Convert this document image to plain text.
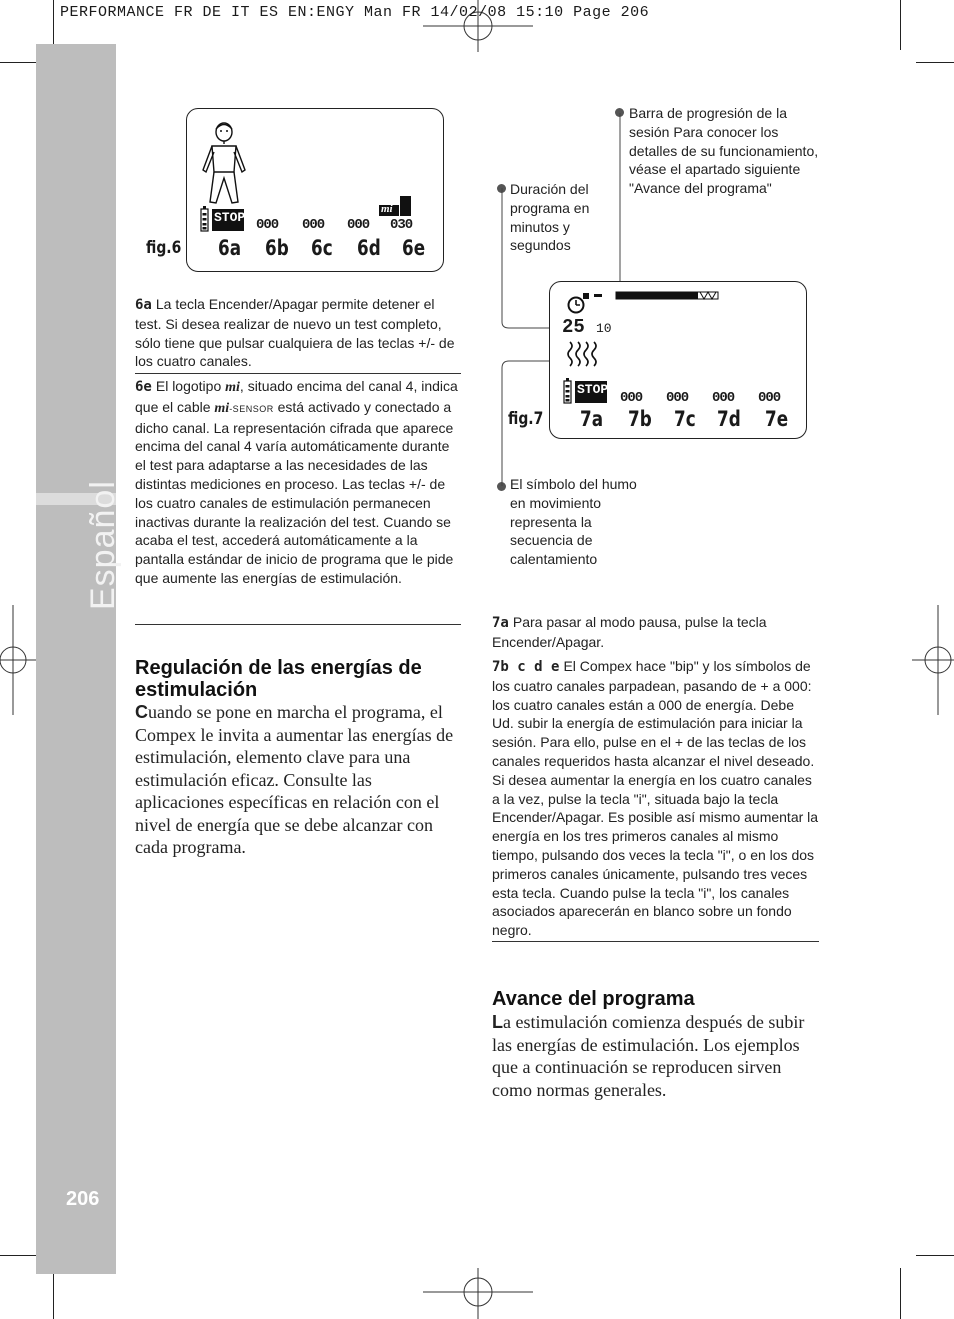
PERFORMANCE FR DE IT ES EN:ENGY Man FR 14/02/08 15:10 Page 206
Español
206
STOP 000 000 000 030
mi
fig.6 6a 6b 6c 6d 6e
6a La tecla Encender/Apagar permite detener el test. Si desea realizar de nuevo un test completo, sólo tiene que pulsar cualquiera de las teclas +/- de los cuatro canales.
6e El logotipo mi, situado encima del canal 4, indica que el cable mi-SENSOR está activado y conectado a dicho canal. La representación cifrada que aparece encima del canal 4 varía automáticamente durante el test para adaptarse a las necesidades de las distintas mediciones en proceso. Las teclas +/- de los cuatro canales de estimulación permanecen inactivas durante la realización del test. Cuando se acaba el test, accederá automáticamente a la pantalla estándar de inicio de programa que le pide que aumente las energías de estimulación.
Regulación de las energías de estimulación
Cuando se pone en marcha el programa, el Compex le invita a aumentar las energías de estimulación, elemento clave para una estimulación eficaz. Consulte las aplicaciones específicas en relación con el nivel de energía que se debe alcanzar con cada programa.
Barra de progresión de la sesión Para conocer los detalles de su funcionamiento, véase el apartado siguiente "Avance del programa"
Duración del programa en minutos y segundos
El símbolo del humo en movimiento representa la secuencia de calentamiento
25 10
STOP
000 000 000 000
fig.7 7a 7b 7c 7d 7e
7a Para pasar al modo pausa, pulse la tecla Encender/Apagar.
7b c d e El Compex hace "bip" y los símbolos de los cuatro canales parpadean, pasando de + a 000: los cuatro canales están a 000 de energía. Debe Ud. subir la energía de estimulación para iniciar la sesión. Para ello, pulse en el + de las teclas de los canales requeridos hasta alcanzar el nivel deseado. Si desea aumentar la energía en los cuatro canales a la vez, pulse la tecla "i", situada bajo la tecla Encender/Apagar. Es posible así mismo aumentar la energía en los tres primeros canales al mismo tiempo, pulsando dos veces la tecla "i", o en los dos primeros canales únicamente, pulsando tres veces esta tecla. Cuando pulse la tecla "i", los canales asociados aparecerán en blanco sobre un fondo negro.
Avance del programa
La estimulación comienza después de subir las energías de estimulación. Los ejemplos que a continuación se reproducen sirven como normas generales.
